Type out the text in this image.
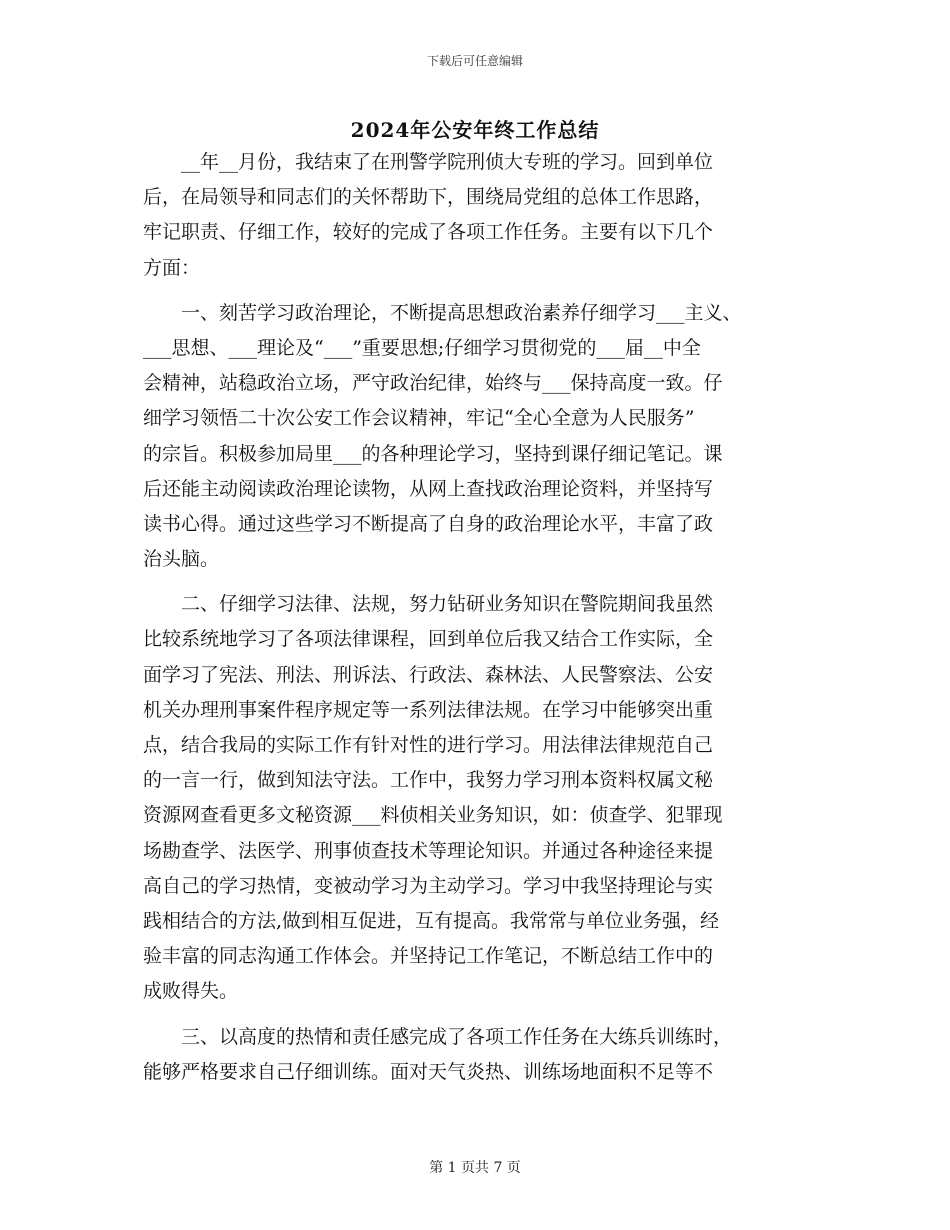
下载后可任意编辑
2024年公安年终工作总结
　　__年__月份，我结束了在刑警学院刑侦大专班的学习。回到单位
后，在局领导和同志们的关怀帮助下，围绕局党组的总体工作思路，
牢记职责、仔细工作，较好的完成了各项工作任务。主要有以下几个
方面：
　　一、刻苦学习政治理论，不断提高思想政治素养仔细学习___主义、
___思想、___理论及“___”重要思想;仔细学习贯彻党的___届__中全
会精神，站稳政治立场，严守政治纪律，始终与___保持高度一致。仔
细学习领悟二十次公安工作会议精神，牢记“全心全意为人民服务”
的宗旨。积极参加局里___的各种理论学习，坚持到课仔细记笔记。课
后还能主动阅读政治理论读物，从网上查找政治理论资料，并坚持写
读书心得。通过这些学习不断提高了自身的政治理论水平，丰富了政
治头脑。
　　二、仔细学习法律、法规，努力钻研业务知识在警院期间我虽然
比较系统地学习了各项法律课程，回到单位后我又结合工作实际，全
面学习了宪法、刑法、刑诉法、行政法、森林法、人民警察法、公安
机关办理刑事案件程序规定等一系列法律法规。在学习中能够突出重
点，结合我局的实际工作有针对性的进行学习。用法律法律规范自己
的一言一行，做到知法守法。工作中，我努力学习刑本资料权属文秘
资源网查看更多文秘资源___料侦相关业务知识，如：侦查学、犯罪现
场勘查学、法医学、刑事侦查技术等理论知识。并通过各种途径来提
高自己的学习热情，变被动学习为主动学习。学习中我坚持理论与实
践相结合的方法,做到相互促进，互有提高。我常常与单位业务强，经
验丰富的同志沟通工作体会。并坚持记工作笔记，不断总结工作中的
成败得失。
　　三、以高度的热情和责任感完成了各项工作任务在大练兵训练时，
能够严格要求自己仔细训练。面对天气炎热、训练场地面积不足等不
第 1 页共 7 页
